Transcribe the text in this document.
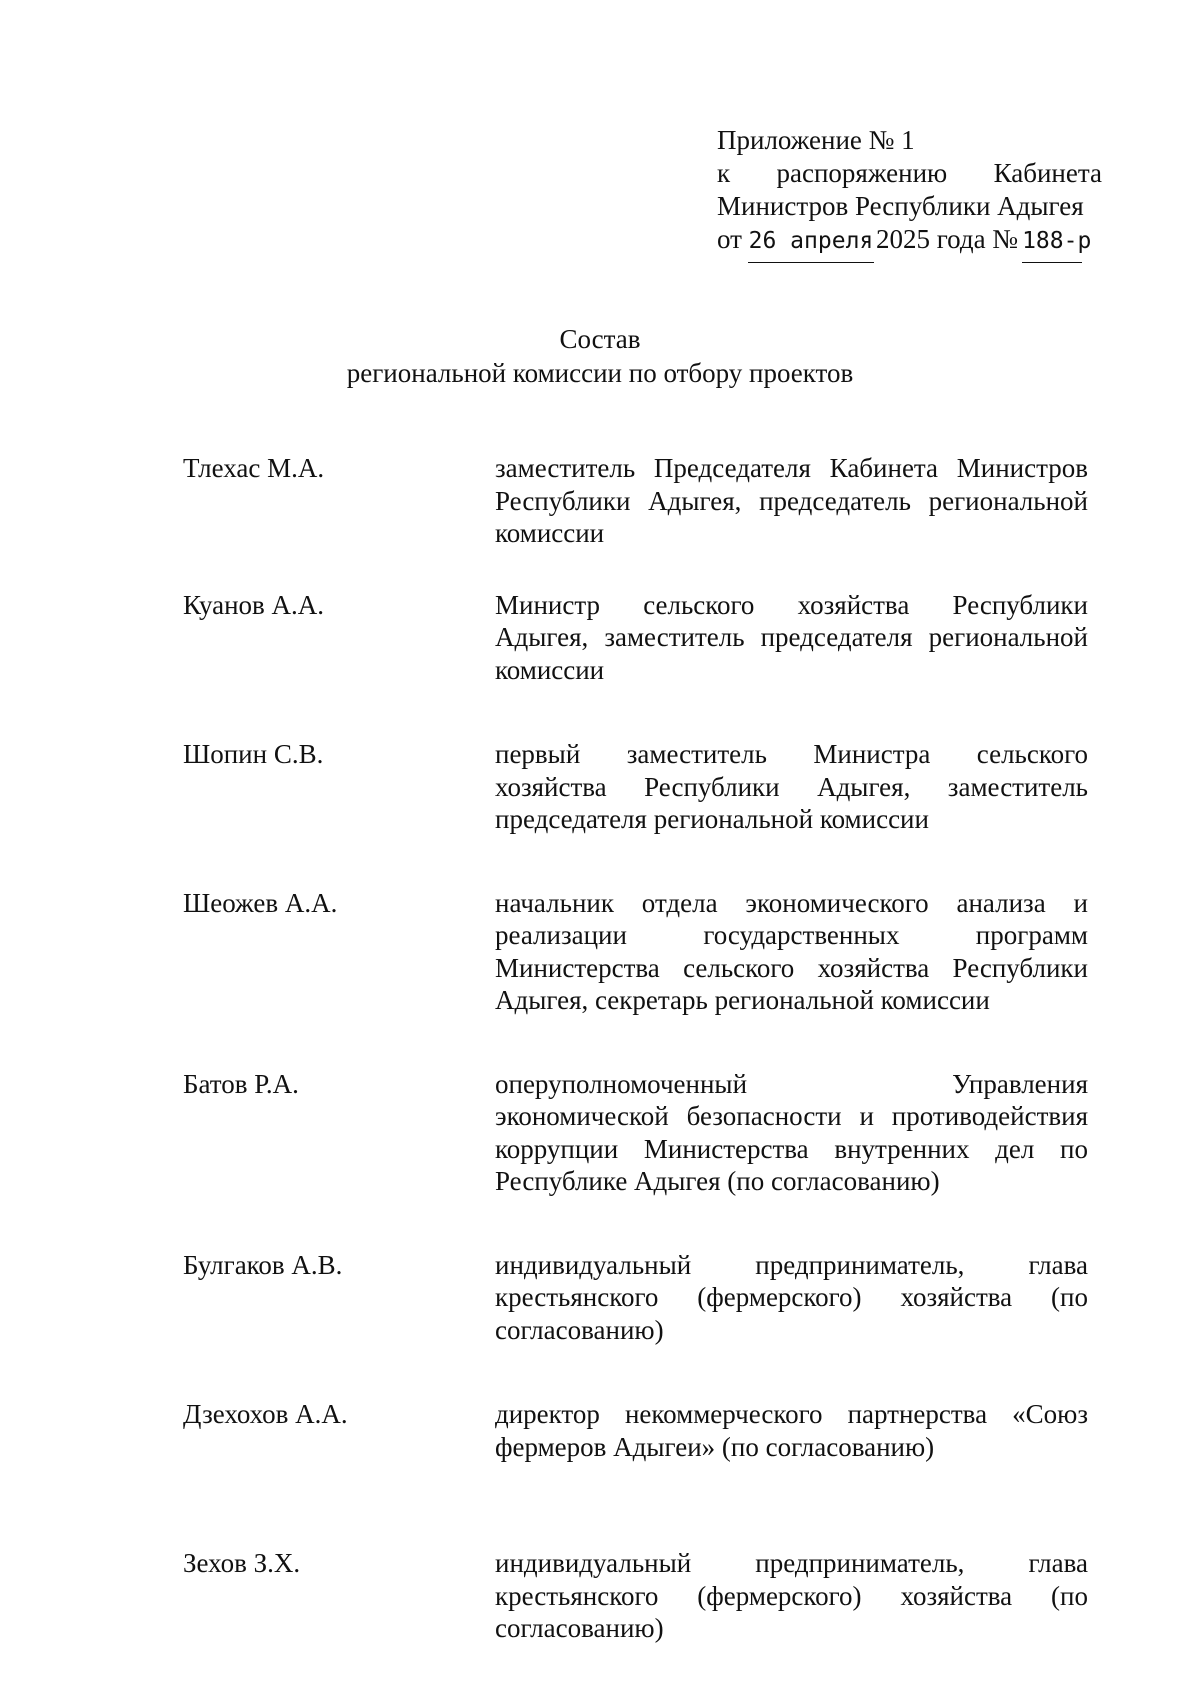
Приложение № 1
к распоряжению Кабинета
Министров Республики Адыгея
от 26 апреля2025 года № 188-р
Состав
региональной комиссии по отбору проектов
Тлехас М.А.	заместитель Председателя Кабинета Министров
Республики Адыгея, председатель региональной
комиссии
Куанов А.А.	Министр сельского хозяйства Республики
Адыгея, заместитель председателя региональной
комиссии
Шопин С.В.	первый заместитель Министра сельского
хозяйства Республики Адыгея, заместитель
председателя региональной комиссии
Шеожев А.А.	начальник отдела экономического анализа и
реализации государственных программ
Министерства сельского хозяйства Республики
Адыгея, секретарь региональной комиссии
Батов Р.А.	оперуполномоченный Управления
экономической безопасности и противодействия
коррупции Министерства внутренних дел по
Республике Адыгея (по согласованию)
Булгаков А.В.	индивидуальный предприниматель, глава
крестьянского (фермерского) хозяйства (по
согласованию)
Дзехохов А.А.	директор некоммерческого партнерства «Союз
фермеров Адыгеи» (по согласованию)
Зехов З.Х.	индивидуальный предприниматель, глава
крестьянского (фермерского) хозяйства (по
согласованию)
